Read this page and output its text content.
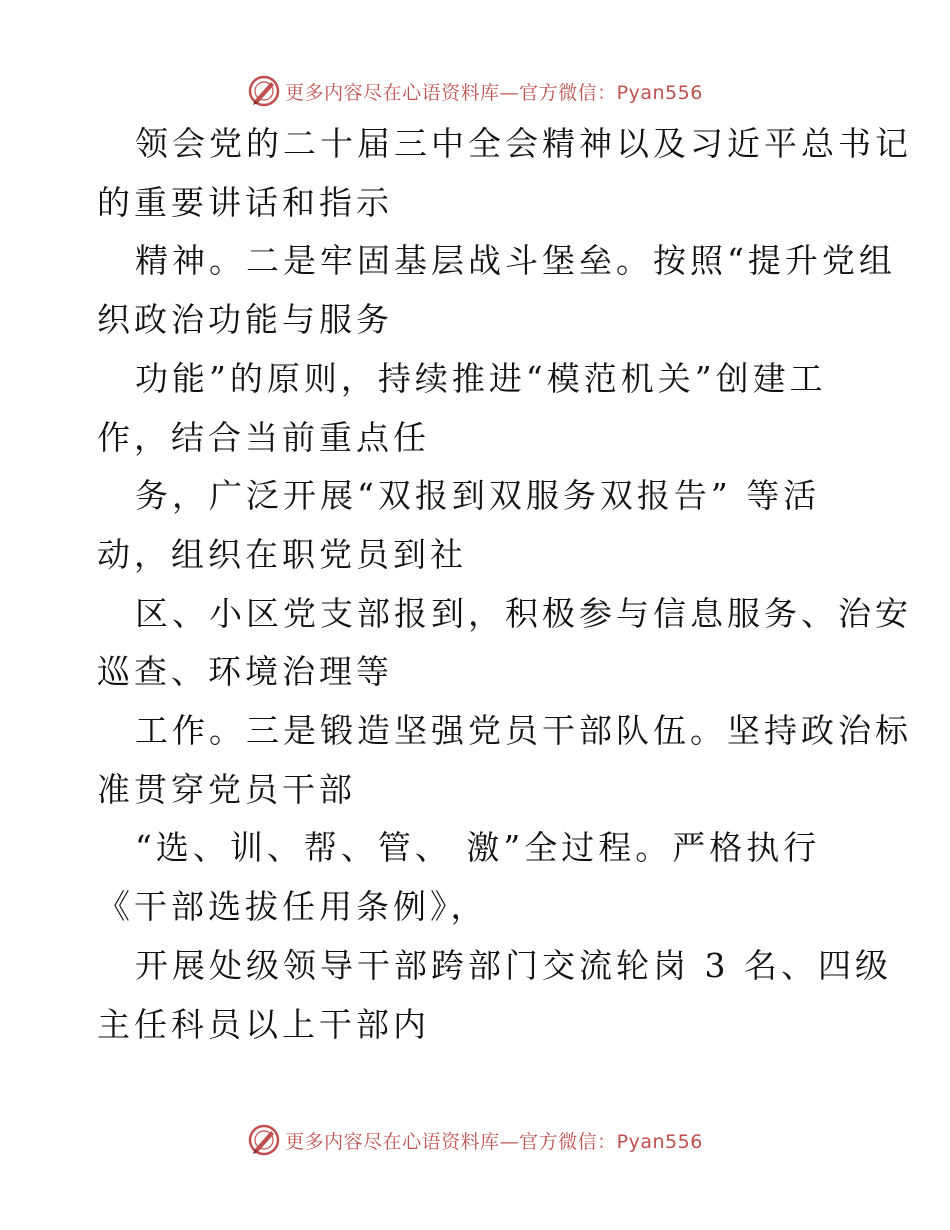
更多内容尽在心语资料库—官方微信：Pyan556
领会党的二十届三中全会精神以及习近平总书记
的重要讲话和指示
精神。二是牢固基层战斗堡垒。按照“提升党组
织政治功能与服务
功能”的原则，持续推进“模范机关”创建工
作，结合当前重点任
务，广泛开展“双报到双服务双报告” 等活
动，组织在职党员到社
区、小区党支部报到，积极参与信息服务、治安
巡查、环境治理等
工作。三是锻造坚强党员干部队伍。坚持政治标
准贯穿党员干部
“选、训、帮、管、 激”全过程。严格执行
《干部选拔任用条例》，
开展处级领导干部跨部门交流轮岗 3 名、四级
主任科员以上干部内
更多内容尽在心语资料库—官方微信：Pyan556
